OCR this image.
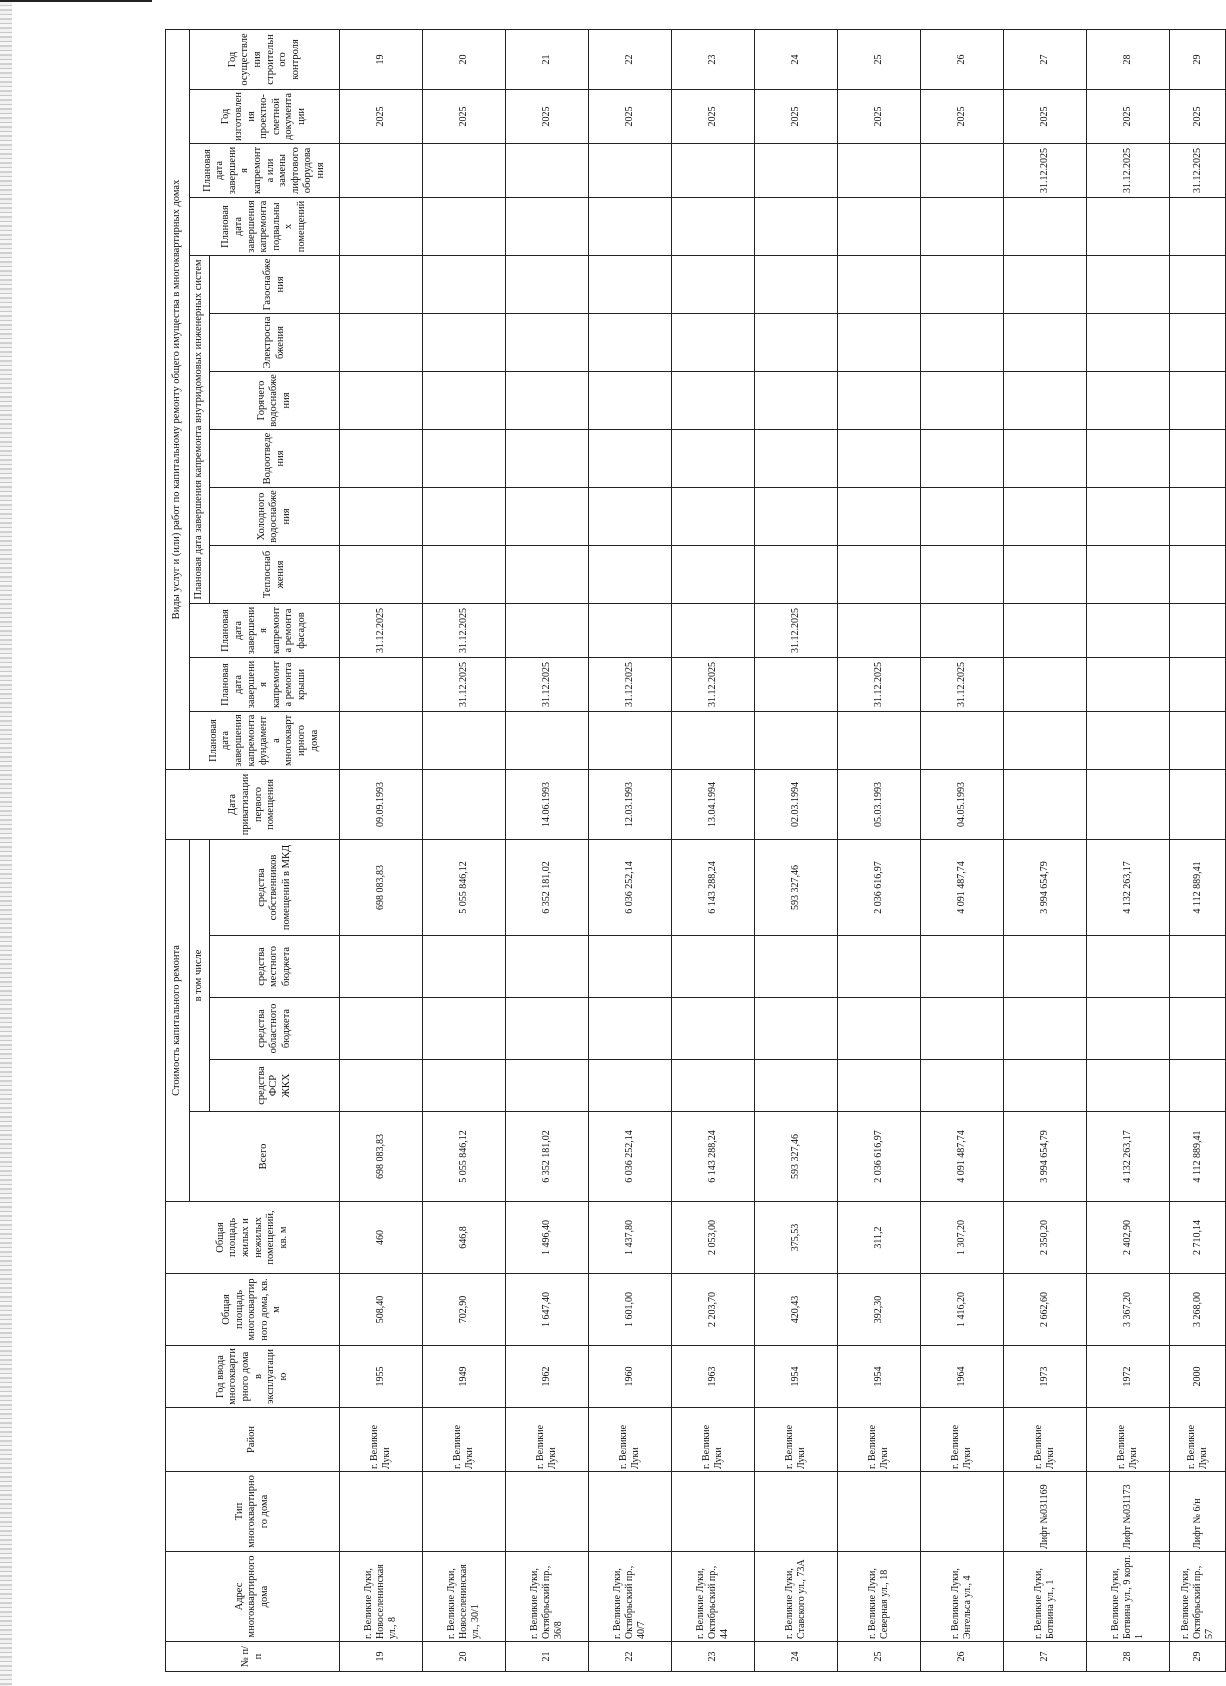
№ п/п	Адрес многоквартирного дома	Тип многоквартирного дома	Район	Год ввода многоквартирного дома в эксплуатацию	Общая площадь многоквартирного дома, кв. м	Общая площадь жилых и нежилых помещений, кв. м	Стоимость капитального ремонта					Дата приватизации первого помещения	Виды услуг и (или) работ по капитальному ремонту общего имущества в многоквартирных домах												
							Всего	в том числе					Плановая дата завершения капремонта фундамента многоквартирного дома	Плановая дата завершения капремонта ремонта крыши	Плановая дата завершения капремонта ремонта фасадов	Плановая дата завершения капремонта внутридомовых инженерных систем						Плановая дата завершения капремонта подвальных помещений	Плановая дата завершения капремонта или замены лифтового оборудования	Год изготовления проектно-сметной документации	Год осуществления строительного контроля
								средства ФСР ЖКХ	средства областного бюджета	средства местного бюджета	средства собственников помещений в МКД					Теплоснабжения	Холодного водоснабжения	Водоотведения	Горячего водоснабжения	Электроснабжения	Газоснабжения				
19	г. Великие Луки, Новоселенинская ул., 8		г. Великие Луки	1955	508,40	460	698 083,83				698 083,83	09.09.1993			31.12.2025									2025	19
20	г. Великие Луки, Новоселенинская ул., 30/1		г. Великие Луки	1949	702,90	646,8	5 055 846,12				5 055 846,12			31.12.2025	31.12.2025									2025	20
21	г. Великие Луки, Октябрьский пр., 36/8		г. Великие Луки	1962	1 647,40	1 496,40	6 352 181,02				6 352 181,02	14.06.1993		31.12.2025										2025	21
22	г. Великие Луки, Октябрьский пр., 40/7		г. Великие Луки	1960	1 601,00	1 437,80	6 036 252,14				6 036 252,14	12.03.1993		31.12.2025										2025	22
23	г. Великие Луки, Октябрьский пр., 44		г. Великие Луки	1963	2 203,70	2 053,00	6 143 288,24				6 143 288,24	13.04.1994		31.12.2025										2025	23
24	г. Великие Луки, Ставского ул., 73А		г. Великие Луки	1954	420,43	375,53	593 327,46				593 327,46	02.03.1994			31.12.2025									2025	24
25	г. Великие Луки, Северная ул., 18		г. Великие Луки	1954	392,30	311,2	2 036 616,97				2 036 616,97	05.03.1993		31.12.2025										2025	25
26	г. Великие Луки, Энгельса ул., 4		г. Великие Луки	1964	1 416,20	1 307,20	4 091 487,74				4 091 487,74	04.05.1993		31.12.2025										2025	26
27	г. Великие Луки, Ботвина ул., 1	Лифт №031169	г. Великие Луки	1973	2 662,60	2 350,20	3 994 654,79				3 994 654,79												31.12.2025	2025	27
28	г. Великие Луки, Ботвина ул., 9 корп. 1	Лифт №031173	г. Великие Луки	1972	3 367,20	2 402,90	4 132 263,17				4 132 263,17												31.12.2025	2025	28
29	г. Великие Луки, Октябрьский пр., 57	Лифт № 6/н	г. Великие Луки	2000	3 268,00	2 710,14	4 112 889,41				4 112 889,41												31.12.2025	2025	29
